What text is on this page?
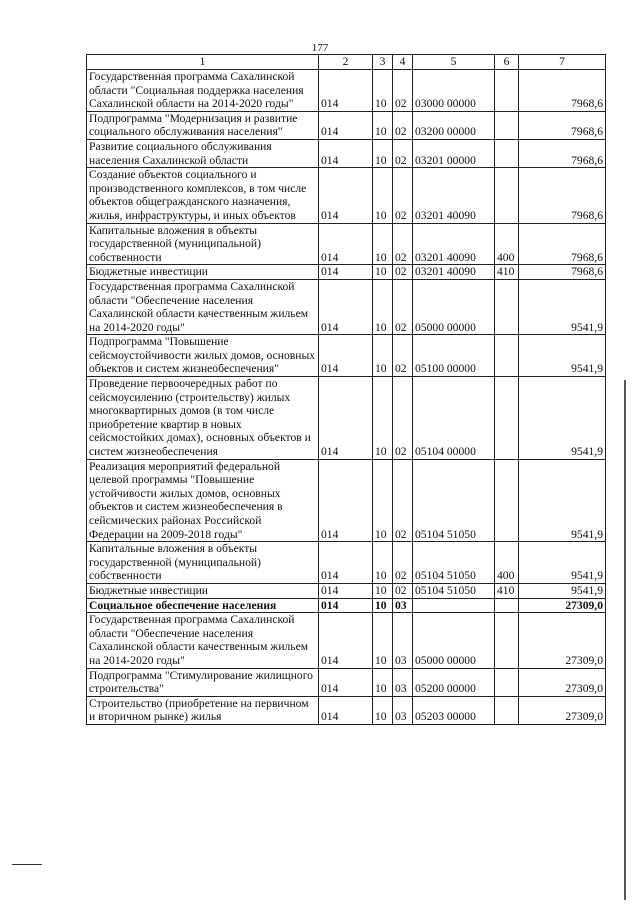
177
1	2	3	4	5	6	7
Государственная программа Сахалинской области "Социальная поддержка населения Сахалинской области на 2014-2020 годы"	014	10	02	03000 00000		7968,6
Подпрограмма "Модернизация и развитие социального обслуживания населения"	014	10	02	03200 00000		7968,6
Развитие социального обслуживания населения Сахалинской области	014	10	02	03201 00000		7968,6
Создание объектов социального и производственного комплексов, в том числе объектов общегражданского назначения, жилья, инфраструктуры, и иных объектов	014	10	02	03201 40090		7968,6
Капитальные вложения в объекты государственной (муниципальной) собственности	014	10	02	03201 40090	400	7968,6
Бюджетные инвестиции	014	10	02	03201 40090	410	7968,6
Государственная программа Сахалинской области "Обеспечение населения Сахалинской области качественным жильем на 2014-2020 годы"	014	10	02	05000 00000		9541,9
Подпрограмма "Повышение сейсмоустойчивости жилых домов, основных объектов и систем жизнеобеспечения"	014	10	02	05100 00000		9541,9
Проведение первоочередных работ по сейсмоусилению (строительству) жилых многоквартирных домов (в том числе приобретение квартир в новых сейсмостойких домах), основных объектов и систем жизнеобеспечения	014	10	02	05104 00000		9541,9
Реализация мероприятий федеральной целевой программы "Повышение устойчивости жилых домов, основных объектов и систем жизнеобеспечения в сейсмических районах Российской Федерации на 2009-2018 годы"	014	10	02	05104 51050		9541,9
Капитальные вложения в объекты государственной (муниципальной) собственности	014	10	02	05104 51050	400	9541,9
Бюджетные инвестиции	014	10	02	05104 51050	410	9541,9
Социальное обеспечение населения	014	10	03			27309,0
Государственная программа Сахалинской области "Обеспечение населения Сахалинской области качественным жильем на 2014-2020 годы"	014	10	03	05000 00000		27309,0
Подпрограмма "Стимулирование жилищного строительства"	014	10	03	05200 00000		27309,0
Строительство (приобретение на первичном и вторичном рынке) жилья	014	10	03	05203 00000		27309,0
